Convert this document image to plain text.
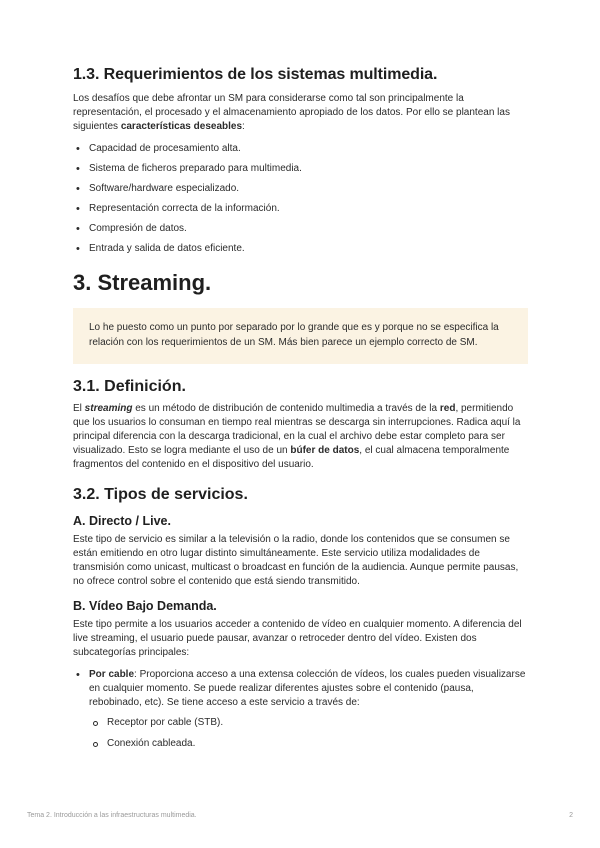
1.3. Requerimientos de los sistemas multimedia.

Los desafíos que debe afrontar un SM para considerarse como tal son principalmente la representación, el procesado y el almacenamiento apropiado de los datos. Por ello se plantean las siguientes características deseables:

• Capacidad de procesamiento alta.
• Sistema de ficheros preparado para multimedia.
• Software/hardware especializado.
• Representación correcta de la información.
• Compresión de datos.
• Entrada y salida de datos eficiente.
3. Streaming.

Lo he puesto como un punto por separado por lo grande que es y porque no se especifica la relación con los requerimientos de un SM. Más bien parece un ejemplo correcto de SM.

3.1. Definición.

El streaming es un método de distribución de contenido multimedia a través de la red, permitiendo que los usuarios lo consuman en tiempo real mientras se descarga sin interrupciones. Radica aquí la principal diferencia con la descarga tradicional, en la cual el archivo debe estar completo para ser visualizado. Esto se logra mediante el uso de un búfer de datos, el cual almacena temporalmente fragmentos del contenido en el dispositivo del usuario.

3.2. Tipos de servicios.
A. Directo / Live.

Este tipo de servicio es similar a la televisión o la radio, donde los contenidos que se consumen se están emitiendo en otro lugar distinto simultáneamente. Este servicio utiliza modalidades de transmisión como unicast, multicast o broadcast en función de la audiencia. Aunque permite pausas, no ofrece control sobre el contenido que está siendo transmitido.

B. Vídeo Bajo Demanda.

Este tipo permite a los usuarios acceder a contenido de vídeo en cualquier momento. A diferencia del live streaming, el usuario puede pausar, avanzar o retroceder dentro del vídeo. Existen dos subcategorías principales:

• Por cable: Proporciona acceso a una extensa colección de vídeos, los cuales pueden visualizarse en cualquier momento. Se puede realizar diferentes ajustes sobre el contenido (pausa, rebobinado, etc). Se tiene acceso a este servicio a través de:
Receptor por cable (STB).
Conexión cableada.
Tema 2. Introducción a las infraestructuras multimedia.	2
